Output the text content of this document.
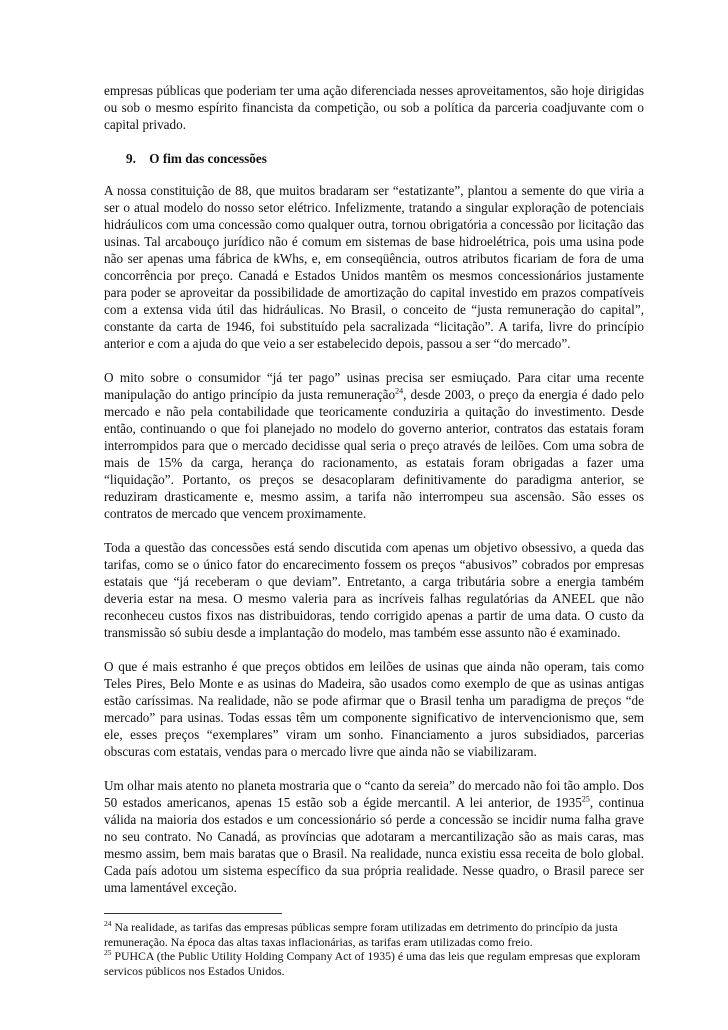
empresas públicas que poderiam ter uma ação diferenciada nesses aproveitamentos, são hoje dirigidas ou sob o mesmo espírito financista da competição, ou sob a política da parceria coadjuvante com o capital privado.

9. O fim das concessões

A nossa constituição de 88, que muitos bradaram ser “estatizante”, plantou a semente do que viria a ser o atual modelo do nosso setor elétrico. Infelizmente, tratando a singular exploração de potenciais hidráulicos com uma concessão como qualquer outra, tornou obrigatória a concessão por licitação das usinas. Tal arcabouço jurídico não é comum em sistemas de base hidroelétrica, pois uma usina pode não ser apenas uma fábrica de kWhs, e, em conseqüência, outros atributos ficariam de fora de uma concorrência por preço. Canadá e Estados Unidos mantêm os mesmos concessionários justamente para poder se aproveitar da possibilidade de amortização do capital investido em prazos compatíveis com a extensa vida útil das hidráulicas. No Brasil, o conceito de “justa remuneração do capital”, constante da carta de 1946, foi substituído pela sacralizada “licitação”. A tarifa, livre do princípio anterior e com a ajuda do que veio a ser estabelecido depois, passou a ser “do mercado”.

O mito sobre o consumidor “já ter pago” usinas precisa ser esmiuçado. Para citar uma recente manipulação do antigo princípio da justa remuneração$^{24}$, desde 2003, o preço da energia é dado pelo mercado e não pela contabilidade que teoricamente conduziria a quitação do investimento. Desde então, continuando o que foi planejado no modelo do governo anterior, contratos das estatais foram interrompidos para que o mercado decidisse qual seria o preço através de leilões. Com uma sobra de mais de 15% da carga, herança do racionamento, as estatais foram obrigadas a fazer uma “liquidação”. Portanto, os preços se desacoplaram definitivamente do paradigma anterior, se reduziram drasticamente e, mesmo assim, a tarifa não interrompeu sua ascensão. São esses os contratos de mercado que vencem proximamente.

Toda a questão das concessões está sendo discutida com apenas um objetivo obsessivo, a queda das tarifas, como se o único fator do encarecimento fossem os preços “abusivos” cobrados por empresas estatais que “já receberam o que deviam”. Entretanto, a carga tributária sobre a energia também deveria estar na mesa. O mesmo valeria para as incríveis falhas regulatórias da ANEEL que não reconheceu custos fixos nas distribuidoras, tendo corrigido apenas a partir de uma data. O custo da transmissão só subiu desde a implantação do modelo, mas também esse assunto não é examinado.

O que é mais estranho é que preços obtidos em leilões de usinas que ainda não operam, tais como Teles Pires, Belo Monte e as usinas do Madeira, são usados como exemplo de que as usinas antigas estão caríssimas. Na realidade, não se pode afirmar que o Brasil tenha um paradigma de preços “de mercado” para usinas. Todas essas têm um componente significativo de intervencionismo que, sem ele, esses preços “exemplares” viram um sonho. Financiamento a juros subsidiados, parcerias obscuras com estatais, vendas para o mercado livre que ainda não se viabilizaram.

Um olhar mais atento no planeta mostraria que o “canto da sereia” do mercado não foi tão amplo. Dos 50 estados americanos, apenas 15 estão sob a égide mercantil. A lei anterior, de 1935$^{25}$, continua válida na maioria dos estados e um concessionário só perde a concessão se incidir numa falha grave no seu contrato. No Canadá, as províncias que adotaram a mercantilização são as mais caras, mas mesmo assim, bem mais baratas que o Brasil. Na realidade, nunca existiu essa receita de bolo global. Cada país adotou um sistema específico da sua própria realidade. Nesse quadro, o Brasil parece ser uma lamentável exceção.

$^{24}$ Na realidade, as tarifas das empresas públicas sempre foram utilizadas em detrimento do princípio da justa remuneração. Na época das altas taxas inflacionárias, as tarifas eram utilizadas como freio.

$^{25}$ PUHCA (the Public Utility Holding Company Act of 1935) é uma das leis que regulam empresas que exploram servicos públicos nos Estados Unidos.
